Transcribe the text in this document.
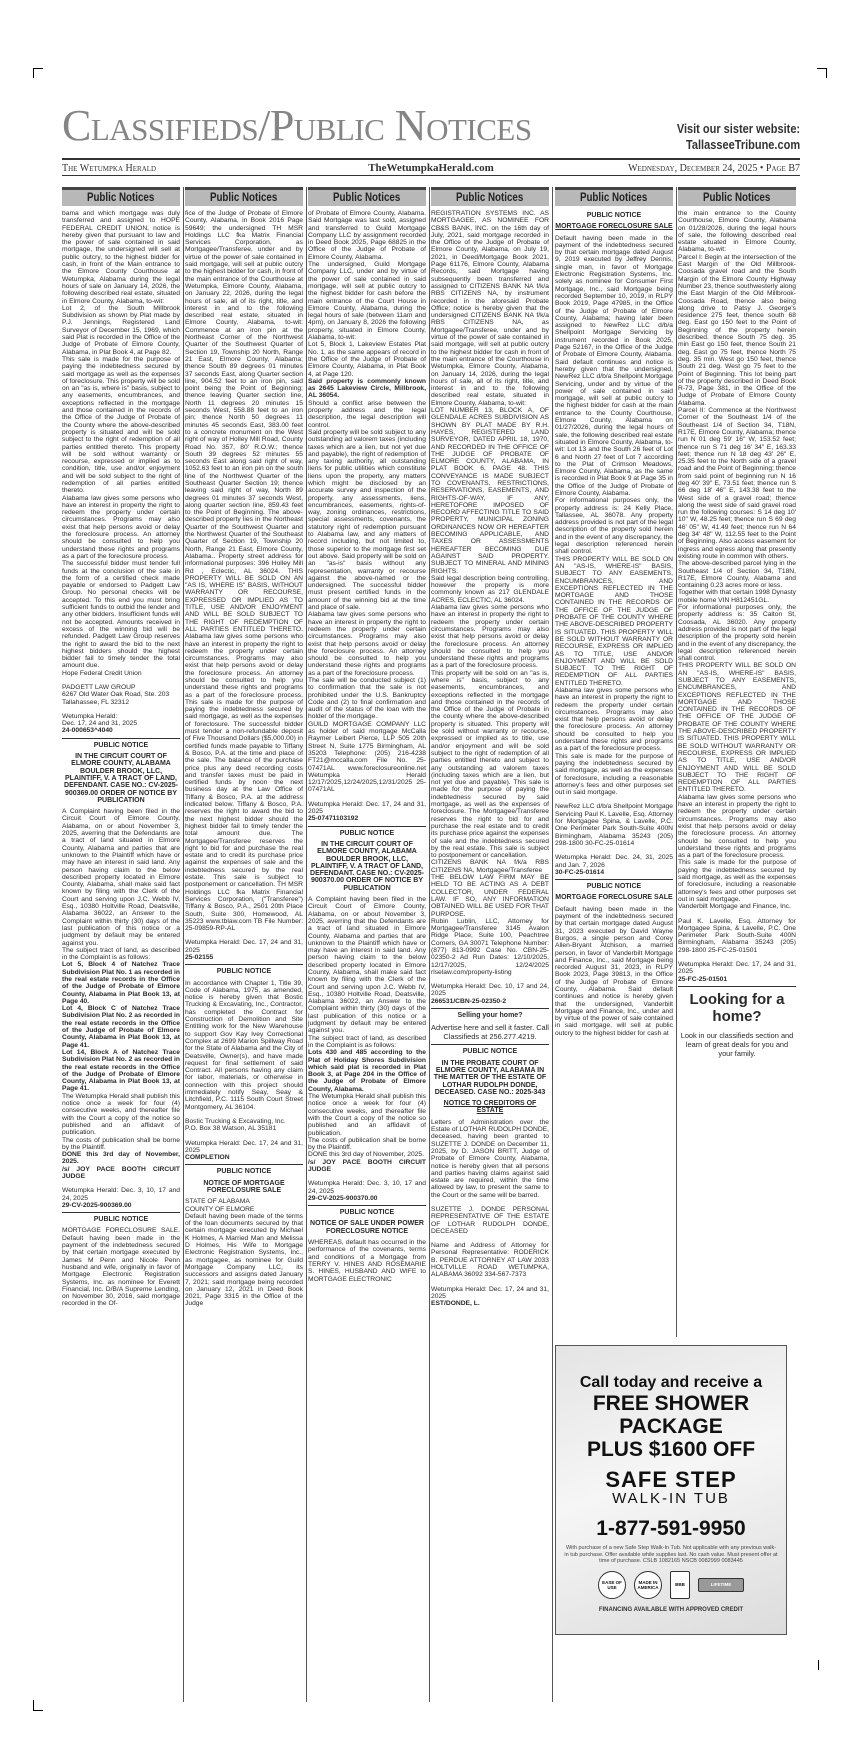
Classifieds/Public Notices	Visit our sister website:
TallasseeTribune.com
The Wetumpka Herald	TheWetumpkaHerald.com	Wednesday, December 24, 2025 • Page B7
Public Notices
bama and which mortgage was duly transferred and assigned to HOPE FEDERAL CREDIT UNION, notice is hereby given that pursuant to law and the power of sale contained in said mortgage, the undersigned will sell at public outcry, to the highest bidder for cash, in front of the Main entrance to the Elmore County Courthouse at Wetumpka, Alabama during the legal hours of sale on January 14, 2026, the following described real estate, situated in Elmore County, Alabama, to-wit:
Lot 2, of the South Millbrook Subdivision as shown by Plat made by P.J. Jennings, Registered Land Surveyor of December 15, 1969, which said Plat is recorded in the Office of the Judge of Probate of Elmore County, Alabama, in Plat Book 4, at Page 82.
This sale is made for the purpose of paying the indebtedness secured by said mortgage as well as the expenses of foreclosure. This property will be sold on an "as is, where is" basis, subject to any easements, encumbrances, and exceptions reflected in the mortgage and those contained in the records of the Office of the Judge of Probate of the County where the above-described property is situated and will be sold subject to the right of redemption of all parties entitled thereto. This property will be sold without warranty or recourse, expressed or implied as to condition, title, use and/or enjoyment and will be sold subject to the right of redemption of all parties entitled thereto.
Alabama law gives some persons who have an interest in property the right to redeem the property under certain circumstances. Programs may also exist that help persons avoid or delay the foreclosure process. An attorney should be consulted to help you understand these rights and programs as a part of the foreclosure process.
The successful bidder must tender full funds at the conclusion of the sale in the form of a certified check made payable or endorsed to Padgett Law Group. No personal checks will be accepted. To this end you must bring sufficient funds to outbid the lender and any other bidders. Insufficient funds will not be accepted. Amounts received in excess of the winning bid will be refunded. Padgett Law Group reserves the right to award the bid to the next highest bidders should the highest bidder fail to timely tender the total amount due.
Hope Federal Credit Union
PADGETT LAW GROUP
6267 Old Water Oak Road, Ste. 203
Tallahassee, FL 32312
Wetumpka Herald:
Dec. 17, 24 and 31, 2025
24-000653^4040
PUBLIC NOTICE
IN THE CIRCUIT COURT OF ELMORE COUNTY, ALABAMA BOULDER BROOK, LLC, PLAINTIFF, V. A TRACT OF LAND, DEFENDANT. CASE NO.: CV-2025-900369.00 ORDER OF NOTICE BY PUBLICATION
A Complaint having been filed in the Circuit Court of Elmore County, Alabama, on or about November 3, 2025, averring that the Defendants are a tract of land situated in Elmore County, Alabama and parties that are unknown to the Plaintiff which have or may have an interest in said land. Any person having claim to the below described property located in Elmore County, Alabama, shall make said fact known by filing with the Clerk of the Court and serving upon J.C. Webb IV, Esq., 10380 Holtville Road, Deatsville, Alabama 36022, an Answer to the Complaint within thirty (30) days of the last publication of this notice or a judgment by default may be entered against you.
The subject tract of land, as described in the Complaint is as follows:
Lot 5, Block 4 of Natchez Trace Subdivision Plat No. 1 as recorded in the real estate records in the Office of the Judge of Probate of Elmore County, Alabama in Plat Book 13, at Page 40.
Lot 4, Block C of Natchez Trace Subdivision Plat No. 2 as recorded in the real estate records in the Office of the Judge of Probate of Elmore County, Alabama in Plat Book 13, at Page 41.
Lot 14, Block A of Natchez Trace Subdivision Plat No. 2 as recorded in the real estate records in the Office of the Judge of Probate of Elmore County, Alabama in Plat Book 13, at Page 41.
The Wetumpka Herald shall publish this notice once a week for four (4) consecutive weeks, and thereafter file with the Court a copy of the notice so published and an affidavit of publication.
The costs of publication shall be borne by the Plaintiff.
DONE this 3rd day of November, 2025.
/s/ JOY PACE BOOTH CIRCUIT JUDGE
Wetumpka Herald: Dec. 3, 10, 17 and 24, 2025
29-CV-2025-900369.00
PUBLIC NOTICE
MORTGAGE FORECLOSURE SALE. Default having been made in the payment of the indebtedness secured by that certain mortgage executed by James M Penn and Nicole Penn husband and wife, originally in favor of Mortgage Electronic Registration Systems, Inc. as nominee for Everett Financial, Inc. D/B/A Supreme Lending, on November 30, 2016, said mortgage recorded in the Of-
Public Notices
fice of the Judge of Probate of Elmore County, Alabama, in Book 2016 Page 59649; the undersigned TH MSR Holdings LLC fka Matrix Financial Services Corporation, as Mortgagee/Transferee, under and by virtue of the power of sale contained in said mortgage, will sell at public outcry to the highest bidder for cash, in front of the main entrance of the Courthouse at Wetumpka, Elmore County, Alabama, on January 22, 2026, during the legal hours of sale, all of its right, title, and interest in and to the following described real estate, situated in Elmore County, Alabama, to-wit: Commence at an iron pin at the Northeast Corner of the Northwest Quarter of the Southwest Quarter of Section 19, Township 20 North, Range 21 East, Elmore County, Alabama; thence South 89 degrees 01 minutes 37 seconds East, along Quarter section line, 904.52 feet to an iron pin, said point being the Point of Beginning; thence leaving Quarter section line, North 11 degrees 20 minutes 15 seconds West, 558.88 feet to an iron pin; thence North 50 degrees 11 minutes 45 seconds East, 383.00 feet to a concrete monument on the West right of way of Holley Mill Road, County Road No. 357, 80' R.O.W.; thence South 39 degrees 52 minutes 55 seconds East along said right of way, 1052.63 feet to an iron pin on the south line of the Northwest Quarter of the Southeast Quarter Section 19; thence leaving said right of way, North 89 degrees 01 minutes 37 seconds West, along quarter section line, 859.43 feet to the Point of Beginning. The above-described property lies in the Northeast Quarter of the Southwest Quarter and the Northwest Quarter of the Southeast Quarter of Section 19, Township 20 North, Range 21 East, Elmore County, Alabama.. Property street address for informational purposes: 396 Holley Mill Rd , Eclectic, AL 36024. THIS PROPERTY WILL BE SOLD ON AN "AS IS, WHERE IS" BASIS, WITHOUT WARRANTY OR RECOURSE, EXPRESSED OR IMPLIED AS TO TITLE, USE AND/OR ENJOYMENT AND WILL BE SOLD SUBJECT TO THE RIGHT OF REDEMPTION OF ALL PARTIES ENTITLED THERETO. Alabama law gives some persons who have an interest in property the right to redeem the property under certain circumstances. Programs may also exist that help persons avoid or delay the foreclosure process. An attorney should be consulted to help you understand these rights and programs as a part of the foreclosure process. This sale is made for the purpose of paying the indebtedness secured by said mortgage, as well as the expenses of foreclosure. The successful bidder must tender a non-refundable deposit of Five Thousand Dollars ($5,000.00) in certified funds made payable to Tiffany & Bosco, P.A. at the time and place of the sale. The balance of the purchase price plus any deed recording costs and transfer taxes must be paid in certified funds by noon the next business day at the Law Office of Tiffany & Bosco, P.A. at the address indicated below. Tiffany & Bosco, P.A. reserves the right to award the bid to the next highest bidder should the highest bidder fail to timely tender the total amount due. The Mortgagee/Transferee reserves the right to bid for and purchase the real estate and to credit its purchase price against the expenses of sale and the indebtedness secured by the real estate. This sale is subject to postponement or cancellation. TH MSR Holdings LLC fka Matrix Financial Services Corporation, ("Transferee") Tiffany & Bosco, P.A., 2501 20th Place South, Suite 300, Homewood, AL 35223 www.tblaw.com TB File Number: 25-09859-RP-AL
Wetumpka Herald: Dec. 17, 24 and 31, 2025
25-02155
PUBLIC NOTICE
In accordance with Chapter 1, Title 39, Code of Alabama, 1975, as amended, notice is hereby given that Bostic Trucking & Excavating, Inc., Contractor, has completed the Contract for Construction of Demolition and Site Entitling work for the New Warehouse to support Gov Kay Ivey Correctional Complex at 2699 Marion Spillway Road for the State of Alabama and the City of Deatsville, Owner(s), and have made request for final settlement of said Contract. All persons having any claim for labor, materials, or otherwise in connection with this project should immediately notify Seay, Seay & Litchfield, P.C. 1115 South Court Street Montgomery, AL 36104.
Bostic Trucking & Excavating, Inc.
P.O. Box 38 Watson, AL 35181
Wetumpka Herald: Dec. 17, 24 and 31, 2025
COMPLETION
PUBLIC NOTICE
NOTICE OF MORTGAGE FORECLOSURE SALE
STATE OF ALABAMA
COUNTY OF ELMORE
Default having been made of the terms of the loan documents secured by that certain mortgage executed by Michael K Holmes, A Married Man and Melissa D Holmes, His Wife to Mortgage Electronic Registration Systems, Inc., as mortgagee, as nominee for Guild Mortgage Company LLC, its successors and assigns dated January 7, 2021; said mortgage being recorded on January 12, 2021 in Deed Book 2021, Page 3315 in the Office of the Judge
Public Notices
of Probate of Elmore County, Alabama. Said Mortgage was last sold, assigned and transferred to Guild Mortgage Company LLC by assignment recorded in Deed Book 2025, Page 68825 in the Office of the Judge of Probate of Elmore County, Alabama.
The undersigned, Guild Mortgage Company LLC, under and by virtue of the power of sale contained in said mortgage, will sell at public outcry to the highest bidder for cash before the main entrance of the Court House in Elmore County, Alabama, during the legal hours of sale (between 11am and 4pm), on January 8, 2026 the following property, situated in Elmore County, Alabama, to-wit:
Lot 5, Block 1, Lakeview Estates Plat No. 1, as the same appears of record in the Office of the Judge of Probate of Elmore County, Alabama, in Plat Book 4, at Page 120.
Said property is commonly known as 2645 Lakeview Circle, Millbrook, AL 36054.
Should a conflict arise between the property address and the legal description, the legal description will control.
Said property will be sold subject to any outstanding ad valorem taxes (including taxes which are a lien, but not yet due and payable), the right of redemption of any taxing authority, all outstanding liens for public utilities which constitute liens upon the property, any matters which might be disclosed by an accurate survey and inspection of the property, any assessments, liens, encumbrances, easements, rights-of-way, zoning ordinances, restrictions, special assessments, covenants, the statutory right of redemption pursuant to Alabama law, and any matters of record including, but not limited to, those superior to the mortgage first set out above. Said property will be sold on an "as-is" basis without any representation, warranty or recourse against the above-named or the undersigned. The successful bidder must present certified funds in the amount of the winning bid at the time and place of sale.
Alabama law gives some persons who have an interest in property the right to redeem the property under certain circumstances. Programs may also exist that help persons avoid or delay the foreclosure process. An attorney should be consulted to help you understand these rights and programs as a part of the foreclosure process.
The sale will be conducted subject (1) to confirmation that the sale is not prohibited under the U.S. Bankruptcy Code and (2) to final confirmation and audit of the status of the loan with the holder of the mortgage.
GUILD MORTGAGE COMPANY LLC as holder of said mortgage McCalla Raymer Leibert Pierce, LLP 505 20th Street N, Suite 1775 Birmingham, AL 35203 Telephone: (205) 216-4238 FT21@mccalla.com File No. 25-07471AL www.foreclosureonline.net Wetumpka Herald 12/17/2025,12/24/2025,12/31/2025 25-07471AL
Wetumpka Herald: Dec. 17, 24 and 31, 2025
25-07471103192
PUBLIC NOTICE
IN THE CIRCUIT COURT OF ELMORE COUNTY, ALABAMA BOULDER BROOK, LLC, PLAINTIFF, V. A TRACT OF LAND, DEFENDANT. CASE NO.: CV-2025-900370.00 ORDER OF NOTICE BY PUBLICATION
A Complaint having been filed in the Circuit Court of Elmore County, Alabama, on or about November 3, 2025, averring that the Defendants are a tract of land situated in Elmore County, Alabama and parties that are unknown to the Plaintiff which have or may have an interest in said land. Any person having claim to the below described property located in Elmore County, Alabama, shall make said fact known by filing with the Clerk of the Court and serving upon J.C. Webb IV, Esq., 10380 Holtville Road, Deatsville, Alabama 36022, an Answer to the Complaint within thirty (30) days of the last publication of this notice or a judgment by default may be entered against you.
The subject tract of land, as described in the Complaint is as follows:
Lots 430 and 485 according to the Plat of Holiday Shores Subdivision which said plat is recorded in Plat Book 3, at Page 204 in the Office of the Judge of Probate of Elmore County, Alabama.
The Wetumpka Herald shall publish this notice once a week for four (4) consecutive weeks, and thereafter file with the Court a copy of the notice so published and an affidavit of publication.
The costs of publication shall be borne by the Plaintiff.
DONE this 3rd day of November, 2025.
/s/ JOY PACE BOOTH CIRCUIT JUDGE
Wetumpka Herald: Dec. 3, 10, 17 and 24, 2025
29-CV-2025-900370.00
PUBLIC NOTICE
NOTICE OF SALE UNDER POWER FORECLOSURE NOTICE
WHEREAS, default has occurred in the performance of the covenants, terms and conditions of a Mortgage from TERRY V. HINES AND ROSEMARIE S. HINES, HUSBAND AND WIFE to MORTGAGE ELECTRONIC
Public Notices
REGISTRATION SYSTEMS INC. AS MORTGAGEE, AS NOMINEE FOR CB&S BANK, INC. on the 16th day of July, 2021, said mortgage recorded in the Office of the Judge of Probate of Elmore County, Alabama, on July 19, 2021, in Deed/Mortgage Book 2021, Page 61176, Elmore County, Alabama Records, said Mortgage having subsequently been transferred and assigned to CITIZENS BANK NA f/k/a RBS CITIZENS NA, by instrument recorded in the aforesaid Probate Office; notice is hereby given that the undersigned CITIZENS BANK NA f/k/a RBS CITIZENS NA, as Mortgagee/Transferee, under and by virtue of the power of sale contained in said mortgage, will sell at public outcry to the highest bidder for cash in front of the main entrance of the Courthouse in Wetumpka, Elmore County, Alabama, on January 14, 2026, during the legal hours of sale, all of its right, title, and interest in and to the following described real estate, situated in Elmore County, Alabama, to-wit:
LOT NUMBER 13, BLOCK A, OF GLENDALE ACRES SUBDIVISION AS SHOWN BY PLAT MADE BY R.H. HAYES, REGISTERED LAND SURVEYOR, DATED APRIL 18, 1970, AND RECORDED IN THE OFFICE OF THE JUDGE OF PROBATE OF ELMORE COUNTY, ALABAMA, IN PLAT BOOK 6, PAGE 48. THIS CONVEYANCE IS MADE SUBJECT TO COVENANTS, RESTRICTIONS, RESERVATIONS, EASEMENTS, AND RIGHTS-OF-WAY, IF ANY, HERETOFORE IMPOSED OF RECORD AFFECTING TITLE TO SAID PROPERTY, MUNICIPAL ZONING ORDINANCES NOW OR HEREAFTER BECOMING APPLICABLE, AND TAXES OR ASSESSMENTS HEREAFTER BECOMING DUE AGAINST SAID PROPERTY. SUBJECT TO MINERAL AND MINING RIGHTS.
Said legal description being controlling, however the property is more commonly known as 217 GLENDALE ACRES, ECLECTIC, AL 36024.
Alabama law gives some persons who have an interest in property the right to redeem the property under certain circumstances. Programs may also exist that help persons avoid or delay the foreclosure process. An attorney should be consulted to help you understand these rights and programs as a part of the foreclosure process.
This property will be sold on an "as is, where is" basis, subject to any easements, encumbrances, and exceptions reflected in the mortgage and those contained in the records of the Office of the Judge of Probate in the county where the above-described property is situated. This property will be sold without warranty or recourse, expressed or implied as to title, use and/or enjoyment and will be sold subject to the right of redemption of all parties entitled thereto and subject to any outstanding ad valorem taxes (including taxes which are a lien, but not yet due and payable). This sale is made for the purpose of paying the indebtedness secured by said mortgage, as well as the expenses of foreclosure. The Mortgagee/Transferee reserves the right to bid for and purchase the real estate and to credit its purchase price against the expenses of sale and the indebtedness secured by the real estate. This sale is subject to postponement or cancellation.
CITIZENS BANK NA f/k/a RBS CITIZENS NA, Mortgagee/Transferee
THE BELOW LAW FIRM MAY BE HELD TO BE ACTING AS A DEBT COLLECTOR, UNDER FEDERAL LAW. IF SO, ANY INFORMATION OBTAINED WILL BE USED FOR THAT PURPOSE.
Rubin Lublin, LLC, Attorney for Mortgagee/Transferee 3145 Avalon Ridge Place, Suite 100, Peachtree Corners, GA 30071 Telephone Number: (877) 813-0992 Case No. CBN-25-02350-2 Ad Run Dates: 12/10/2025, 12/17/2025, 12/24/2025 rlselaw.com/property-listing
Wetumpka Herald: Dec. 10, 17 and 24, 2025
266531/CBN-25-02350-2
Selling your home?
Advertise here and sell it faster. Call Classifieds at 256.277.4219.
PUBLIC NOTICE
IN THE PROBATE COURT OF ELMORE COUNTY, ALABAMA IN THE MATTER OF THE ESTATE OF LOTHAR RUDOLPH DONDE, DECEASED. CASE NO.: 2025-343
NOTICE TO CREDITORS OF ESTATE
Letters of Administration over the Estate of LOTHAR RUDOLPH DONDE, deceased, having been granted to SUZETTE J. DONDE on December 11, 2025, by D. JASON BRITT, Judge of Probate of Elmore County, Alabama, notice is hereby given that all persons and parties having claims against said estate are required, within the time allowed by law, to present the same to the Court or the same will be barred.
SUZETTE J. DONDE PERSONAL REPRESENTATIVE OF THE ESTATE OF LOTHAR RUDOLPH DONDE, DECEASED
Name and Address of Attorney for Personal Representative: RODERICK B. PERDUE ATTORNEY AT LAW 2033 HOLTVILLE ROAD WETUMPKA, ALABAMA 36092 334-567-7373
Wetumpka Herald: Dec. 17, 24 and 31, 2025
EST/DONDE, L.
Public Notices
PUBLIC NOTICE
MORTGAGE FORECLOSURE SALE
Default having been made in the payment of the indebtedness secured by that certain mortgage dated August 9, 2019 executed by Jeffrey Dennis, single man, in favor of Mortgage Electronic Registration Systems, Inc. solely as nominee for Consumer First Mortgage, Inc., said Mortgage being recorded September 10, 2019, in RLPY Book 2019, Page 47985, in the Office of the Judge of Probate of Elmore County, Alabama; having later been assigned to NewRez LLC d/b/a Shellpoint Mortgage Servicing by instrument recorded in Book 2025, Page 52167, in the Office of the Judge of Probate of Elmore County, Alabama. Said default continues and notice is hereby given that the undersigned, NewRez LLC d/b/a Shellpoint Mortgage Servicing, under and by virtue of the power of sale contained in said mortgage, will sell at public outcry to the highest bidder for cash at the main entrance to the County Courthouse, Elmore County, Alabama on 01/27/2026, during the legal hours of sale, the following described real estate situated in Elmore County, Alabama, to-wit: Lot 13 and the South 26 feet of Lot 6 and North 27 feet of Lot 7 according to the Plat of Crimson Meadows, Elmore County, Alabama, as the same is recorded in Plat Book 9 at Page 35 in the Office of the Judge of Probate of Elmore County, Alabama.
For informational purposes only, the property address is: 24 Kelly Place, Tallassee, AL 36078. Any property address provided is not part of the legal description of the property sold herein and in the event of any discrepancy, the legal description referenced herein shall control.
THIS PROPERTY WILL BE SOLD ON AN "AS-IS, WHERE-IS" BASIS, SUBJECT TO ANY EASEMENTS, ENCUMBRANCES, AND EXCEPTIONS REFLECTED IN THE MORTGAGE AND THOSE CONTAINED IN THE RECORDS OF THE OFFICE OF THE JUDGE OF PROBATE OF THE COUNTY WHERE THE ABOVE-DESCRIBED PROPERTY IS SITUATED. THIS PROPERTY WILL BE SOLD WITHOUT WARRANTY OR RECOURSE, EXPRESS OR IMPLIED AS TO TITLE, USE AND/OR ENJOYMENT AND WILL BE SOLD SUBJECT TO THE RIGHT OF REDEMPTION OF ALL PARTIES ENTITLED THERETO.
Alabama law gives some persons who have an interest in property the right to redeem the property under certain circumstances. Programs may also exist that help persons avoid or delay the foreclosure process. An attorney should be consulted to help you understand these rights and programs as a part of the foreclosure process.
This sale is made for the purpose of paying the indebtedness secured by said mortgage, as well as the expenses of foreclosure, including a reasonable attorney's fees and other purposes set out in said mortgage.
NewRez LLC d/b/a Shellpoint Mortgage Servicing Paul K. Lavelle, Esq. Attorney for Mortgagee Spina, & Lavelle, P.C. One Perimeter Park South-Suite 400N Birmingham, Alabama 35243 (205) 298-1800 30-FC-25-01614
Wetumpka Herald: Dec. 24, 31, 2025 and Jan. 7, 2026
30-FC-25-01614
PUBLIC NOTICE
MORTGAGE FORECLOSURE SALE
Default having been made in the payment of the indebtedness secured by that certain mortgage dated August 31, 2023 executed by David Wayne Burgos, a single person and Corey Allen-Bryant Atchison, a married person, in favor of Vanderbilt Mortgage and Finance, Inc., said Mortgage being recorded August 31, 2023, in RLPY Book 2023, Page 39813, in the Office of the Judge of Probate of Elmore County, Alabama. Said default continues and notice is hereby given that the undersigned, Vanderbilt Mortgage and Finance, Inc., under and by virtue of the power of sale contained in said mortgage, will sell at public outcry to the highest bidder for cash at
Public Notices
the main entrance to the County Courthouse, Elmore County, Alabama on 01/28/2026, during the legal hours of sale, the following described real estate situated in Elmore County, Alabama, to-wit:
Parcel I: Begin at the intersection of the East Margin of the Old Millbrook-Coosada gravel road and the South Margin of the Elmore County Highway Number 23, thence southwesterly along the East Margin of the Old Millbrook-Coosada Road, thence also being along drive to Patsy J. George's residence 275 feet, thence south 68 deg. East go 150 feet to the Point of Beginning of the property herein described. thence South 75 deg. 35 min East go 150 feet, thence South 21 deg. East go 75 feet, thence North 75 deg. 35 min. West go 150 feet, thence South 21 deg. West go 75 feet to the Point of Beginning. This lot being part of the property described in Deed Book R-73, Page 381, in the Office of the Judge of Probate of Elmore County Alabama.
Parcel II: Commence at the Northwest Corner of the Southeast 1/4 of the Southeast 1/4 of Section 34, T18N, R17E, Elmore County, Alabama; thence run N 01 deg 59' 16" W, 153.52 feet; thence run S 71 deg 16' 34" E, 163.33 feet; thence run N 18 deg 43' 26" E, 25.35 feet to the North side of a gravel road and the Point of Beginning; thence from said point of beginning run N 16 deg 40' 39" E, 73.51 feet; thence run S 66 deg 18' 46" E, 143.38 feet to the West side of a gravel road; thence along the west side of said gravel road run the following courses: S 14 deg 10' 10" W, 48.25 feet; thence run S 69 deg 46' 05" W, 41.49 feet; thence run N 64 deg 34' 48" W, 112.55 feet to the Point of Beginning. Also access easement for ingress and egress along that presently existing route in common with others.
The above-described parcel lying in the Southeast 1/4 of Section 34, T18N, R17E, Elmore County, Alabama and containing 0.23 acres more or less.
Together with that certain 1998 Dynasty mobile home VIN H812451GL.
For informational purposes only, the property address is: 35 Calton St, Coosada, AL 36020. Any property address provided is not part of the legal description of the property sold herein and in the event of any discrepancy, the legal description referenced herein shall control.
THIS PROPERTY WILL BE SOLD ON AN "AS-IS, WHERE-IS" BASIS, SUBJECT TO ANY EASEMENTS, ENCUMBRANCES, AND EXCEPTIONS REFLECTED IN THE MORTGAGE AND THOSE CONTAINED IN THE RECORDS OF THE OFFICE OF THE JUDGE OF PROBATE OF THE COUNTY WHERE THE ABOVE-DESCRIBED PROPERTY IS SITUATED. THIS PROPERTY WILL BE SOLD WITHOUT WARRANTY OR RECOURSE, EXPRESS OR IMPLIED AS TO TITLE, USE AND/OR ENJOYMENT AND WILL BE SOLD SUBJECT TO THE RIGHT OF REDEMPTION OF ALL PARTIES ENTITLED THERETO.
Alabama law gives some persons who have an interest in property the right to redeem the property under certain circumstances. Programs may also exist that help persons avoid or delay the foreclosure process. An attorney should be consulted to help you understand these rights and programs as a part of the foreclosure process.
This sale is made for the purpose of paying the indebtedness secured by said mortgage, as well as the expenses of foreclosure, including a reasonable attorney's fees and other purposes set out in said mortgage.
Vanderbilt Mortgage and Finance, Inc.
Paul K. Lavelle, Esq. Attorney for Mortgagee Spina, & Lavelle, P.C. One Perimeter Park South-Suite 400N Birmingham, Alabama 35243 (205) 298-1800 25-FC-25-01501
Wetumpka Herald: Dec. 17, 24 and 31, 2025
25-FC-25-01501
Looking for a home?
Look in our classifieds section and learn of great deals for you and your family.
Call today and receive a
FREE SHOWER
PACKAGE
PLUS $1600 OFF
SAFE STEP
WALK-IN TUB
1-877-591-9950
With purchase of a new Safe Step Walk-In Tub. Not applicable with any previous walk-in tub purchase. Offer available while supplies last. No cash value. Must present offer at time of purchase. CSLB 1082165 NSCB 0082999 0083445
EASE OF USE
MADE IN AMERICA	BBB	LIFETIME
FINANCING AVAILABLE WITH APPROVED CREDIT
